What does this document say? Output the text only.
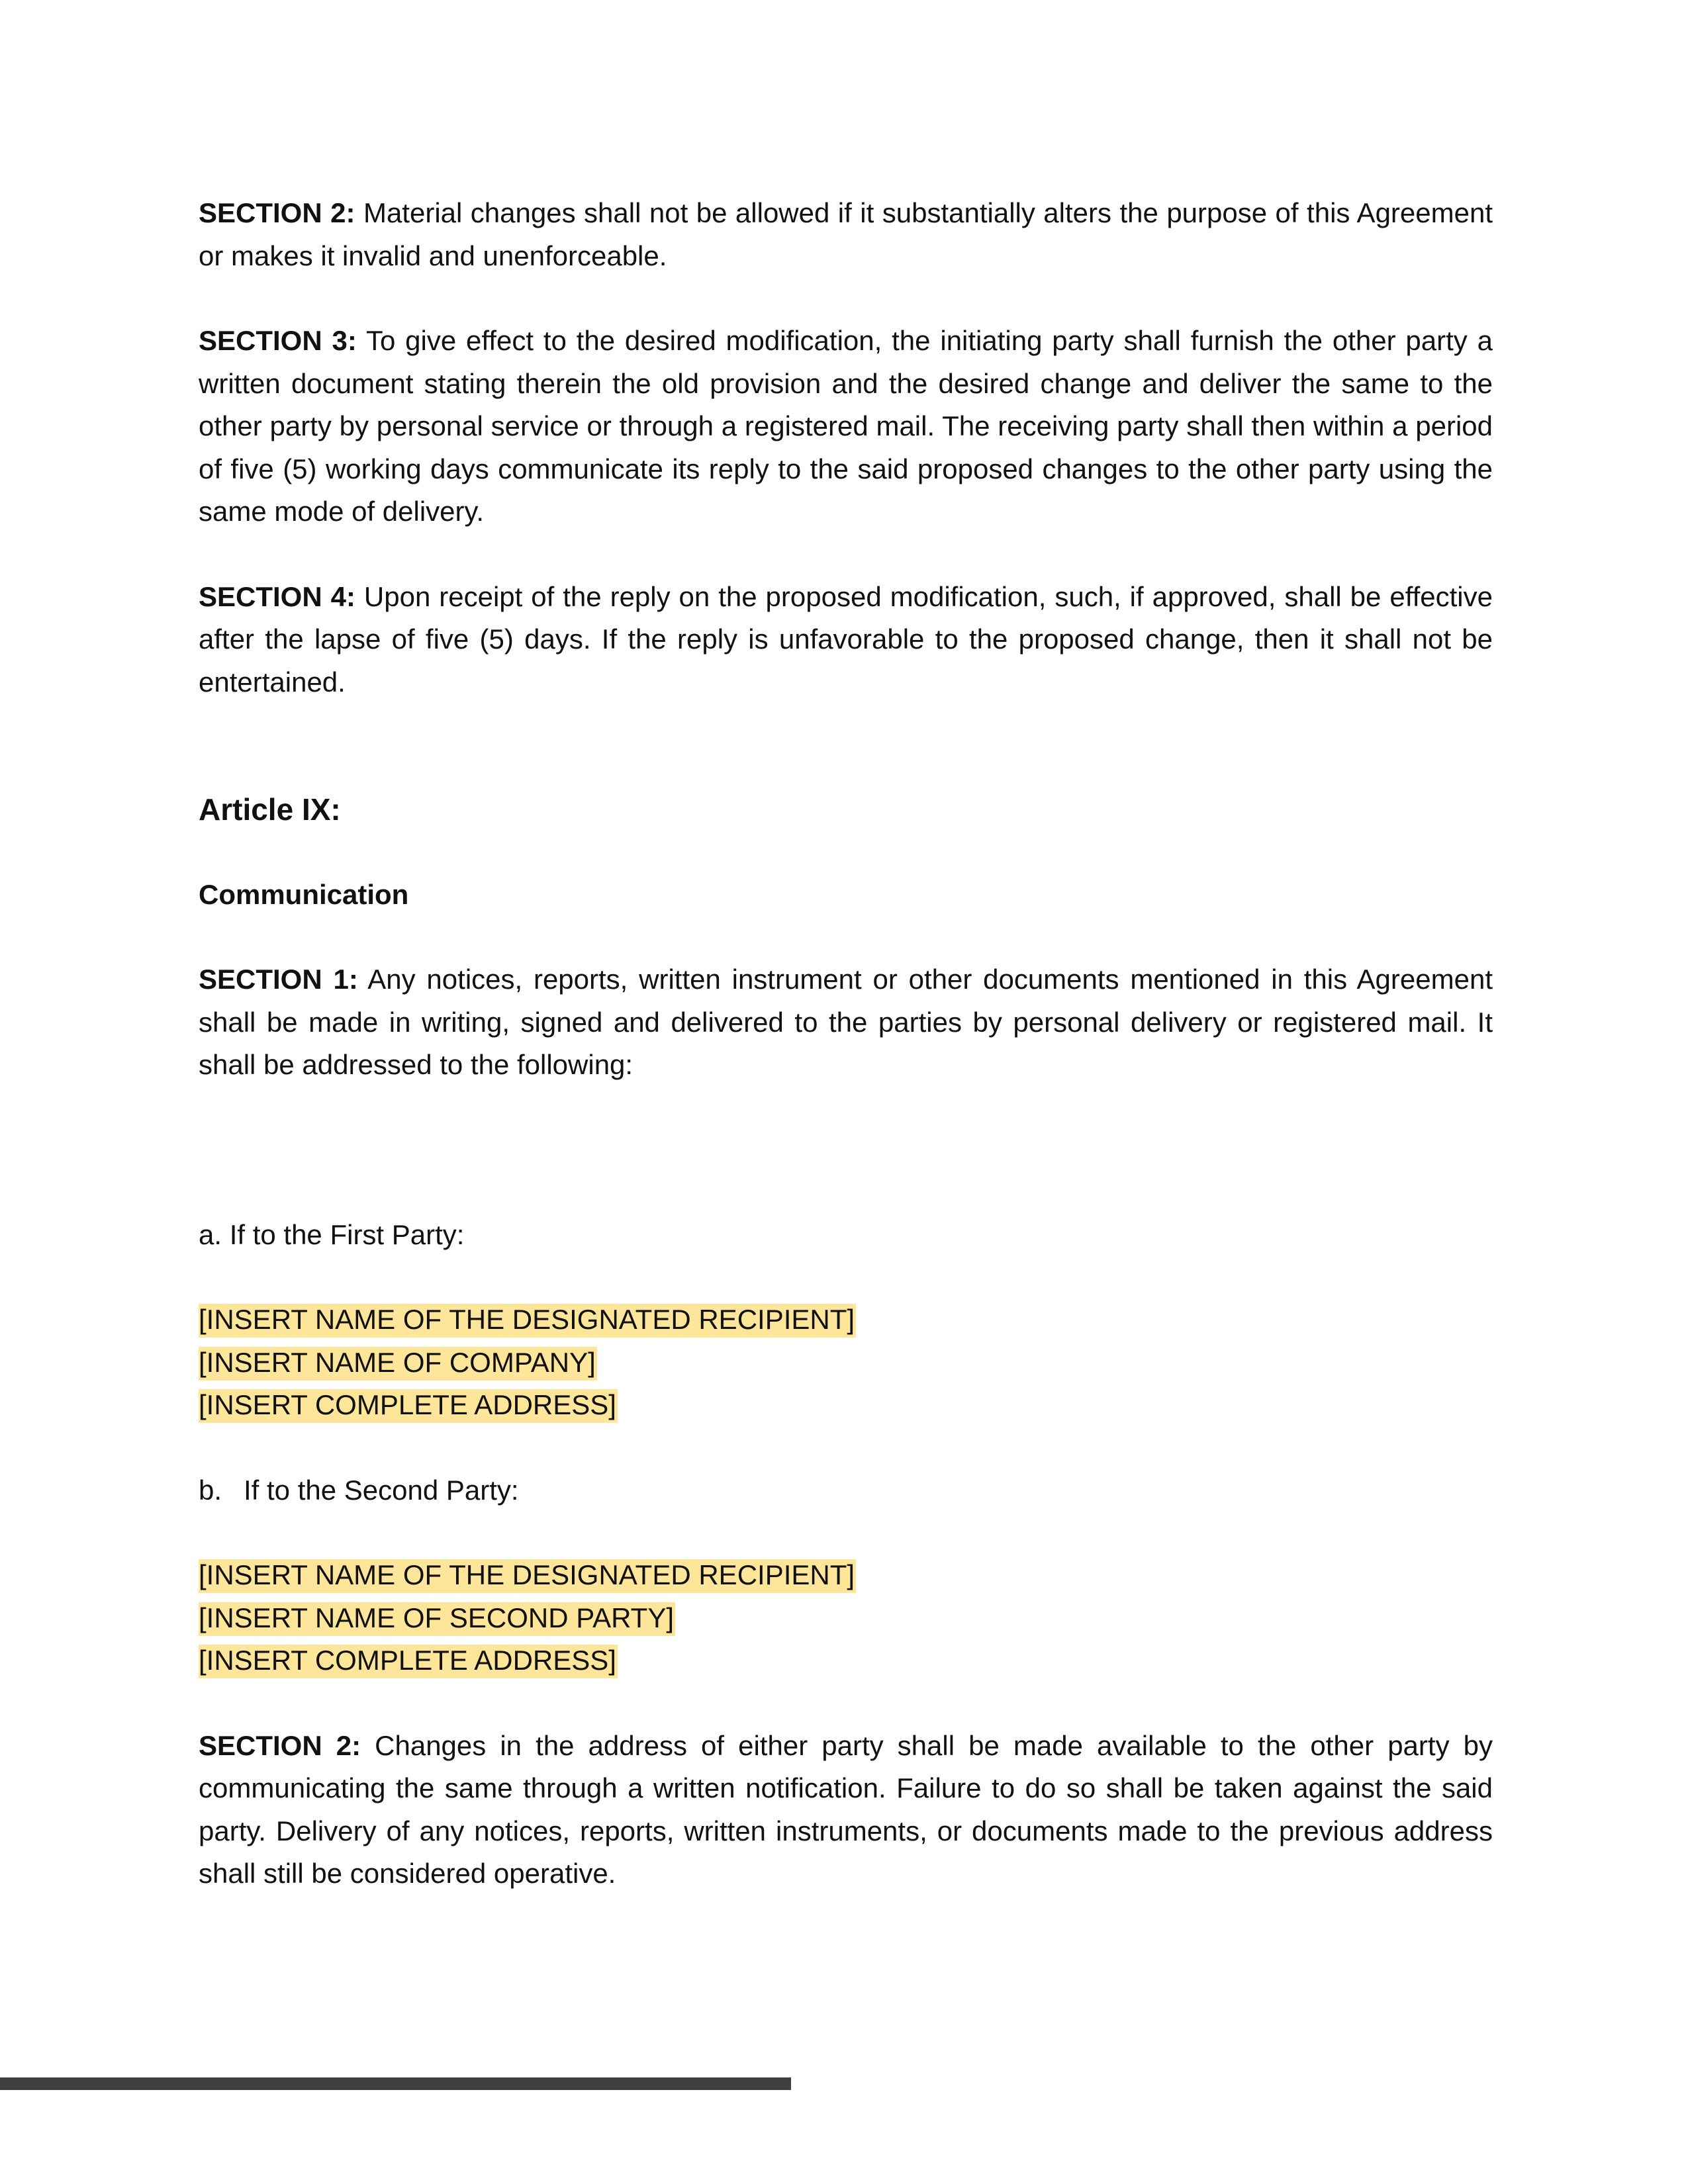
SECTION 2: Material changes shall not be allowed if it substantially alters the purpose of this Agreement or makes it invalid and unenforceable.

SECTION 3: To give effect to the desired modification, the initiating party shall furnish the other party a written document stating therein the old provision and the desired change and deliver the same to the other party by personal service or through a registered mail. The receiving party shall then within a period of five (5) working days communicate its reply to the said proposed changes to the other party using the same mode of delivery.

SECTION 4: Upon receipt of the reply on the proposed modification, such, if approved, shall be effective after the lapse of five (5) days. If the reply is unfavorable to the proposed change, then it shall not be entertained.

Article IX:

Communication

SECTION 1: Any notices, reports, written instrument or other documents mentioned in this Agreement shall be made in writing, signed and delivered to the parties by personal delivery or registered mail. It shall be addressed to the following:

a. If to the First Party:

[INSERT NAME OF THE DESIGNATED RECIPIENT]

[INSERT NAME OF COMPANY]

[INSERT COMPLETE ADDRESS]

b. If to the Second Party:

[INSERT NAME OF THE DESIGNATED RECIPIENT]

[INSERT NAME OF SECOND PARTY]

[INSERT COMPLETE ADDRESS]

SECTION 2: Changes in the address of either party shall be made available to the other party by communicating the same through a written notification. Failure to do so shall be taken against the said party. Delivery of any notices, reports, written instruments, or documents made to the previous address shall still be considered operative.
